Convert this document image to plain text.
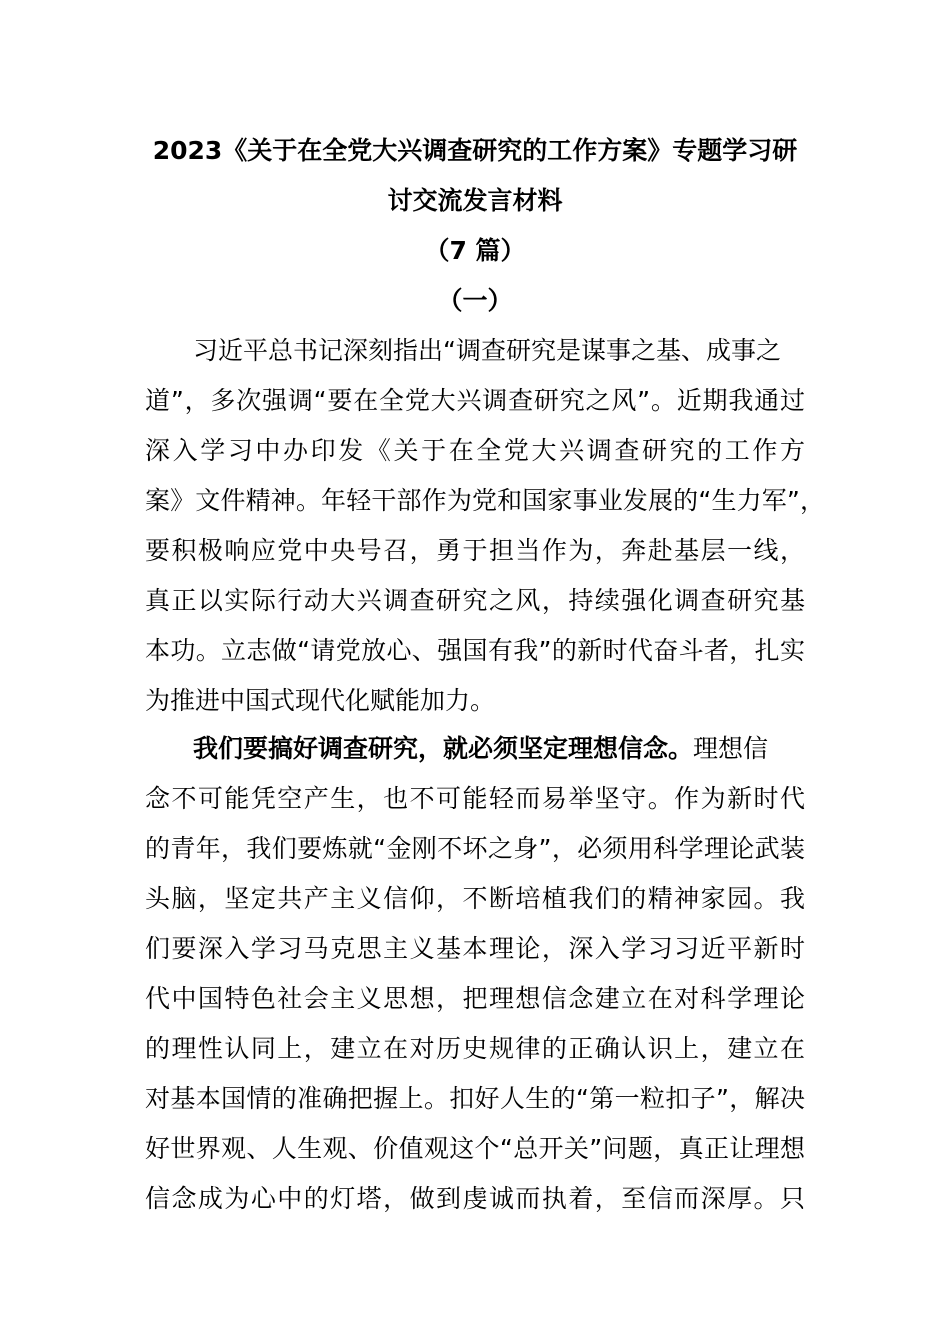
2023《关于在全党大兴调查研究的工作方案》专题学习研
讨交流发言材料
（7 篇）
（一）
习近平总书记深刻指出“调查研究是谋事之基、成事之
道”，多次强调“要在全党大兴调查研究之风”。近期我通过
深入学习中办印发《关于在全党大兴调查研究的工作方
案》文件精神。年轻干部作为党和国家事业发展的“生力军”，
要积极响应党中央号召，勇于担当作为，奔赴基层一线，
真正以实际行动大兴调查研究之风，持续强化调查研究基
本功。立志做“请党放心、强国有我”的新时代奋斗者，扎实
为推进中国式现代化赋能加力。
我们要搞好调查研究，就必须坚定理想信念。理想信
念不可能凭空产生，也不可能轻而易举坚守。作为新时代
的青年，我们要炼就“金刚不坏之身”，必须用科学理论武装
头脑，坚定共产主义信仰，不断培植我们的精神家园。我
们要深入学习马克思主义基本理论，深入学习习近平新时
代中国特色社会主义思想，把理想信念建立在对科学理论
的理性认同上，建立在对历史规律的正确认识上，建立在
对基本国情的准确把握上。扣好人生的“第一粒扣子”，解决
好世界观、人生观、价值观这个“总开关”问题，真正让理想
信念成为心中的灯塔，做到虔诚而执着，至信而深厚。只
